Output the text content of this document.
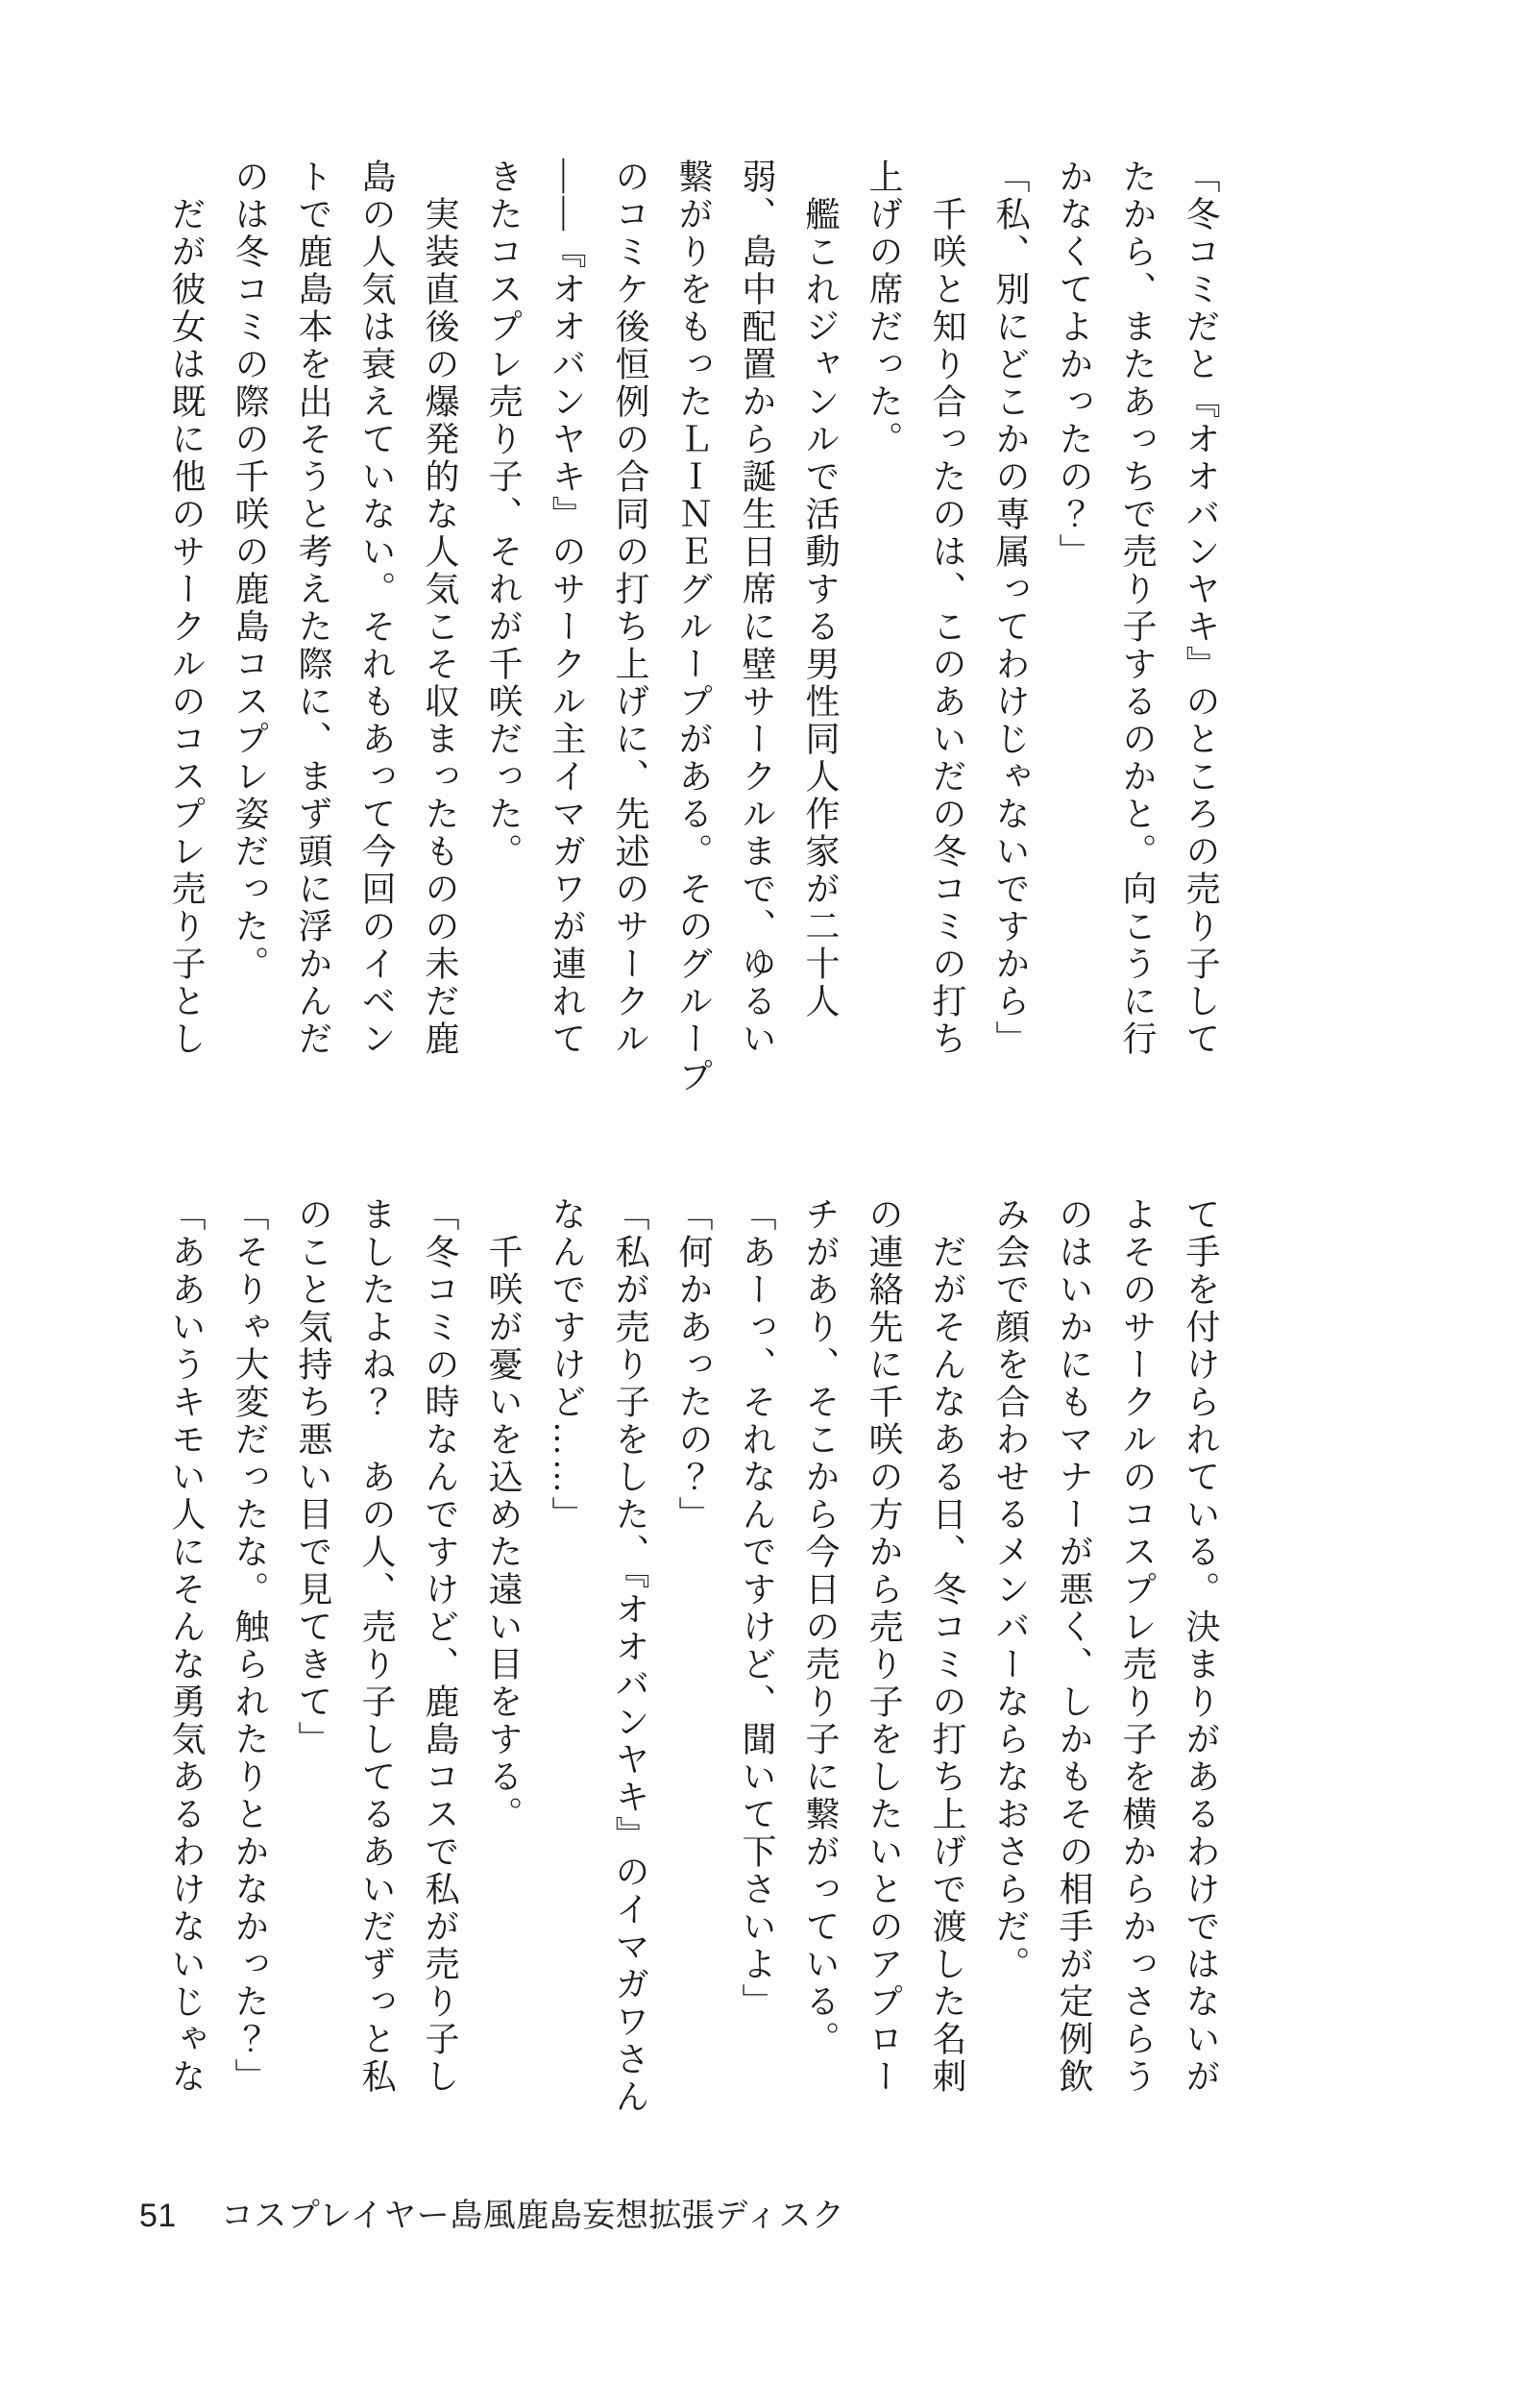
「冬コミだと『オオバンヤキ』のところの売り子して

たから、またあっちで売り子するのかと。向こうに行

かなくてよかったの？」

「私、別にどこかの専属ってわけじゃないですから」

　千咲と知り合ったのは、このあいだの冬コミの打ち

上げの席だった。

　艦これジャンルで活動する男性同人作家が二十人

弱、島中配置から誕生日席に壁サークルまで、ゆるい

繋がりをもったＬＩＮＥグループがある。そのグループ

のコミケ後恒例の合同の打ち上げに、先述のサークル

――『オオバンヤキ』のサークル主イマガワが連れて

きたコスプレ売り子、それが千咲だった。

　実装直後の爆発的な人気こそ収まったものの未だ鹿

島の人気は衰えていない。それもあって今回のイベン

トで鹿島本を出そうと考えた際に、まず頭に浮かんだ

のは冬コミの際の千咲の鹿島コスプレ姿だった。

　だが彼女は既に他のサークルのコスプレ売り子とし

て手を付けられている。決まりがあるわけではないが

よそのサークルのコスプレ売り子を横からかっさらう

のはいかにもマナーが悪く、しかもその相手が定例飲

み会で顔を合わせるメンバーならなおさらだ。

　だがそんなある日、冬コミの打ち上げで渡した名刺

の連絡先に千咲の方から売り子をしたいとのアプロー

チがあり、そこから今日の売り子に繋がっている。

「あーっ、それなんですけど、聞いて下さいよ」

「何かあったの？」

「私が売り子をした、『オオバンヤキ』のイマガワさん

なんですけど……」

　千咲が憂いを込めた遠い目をする。

「冬コミの時なんですけど、鹿島コスで私が売り子し

ましたよね？　あの人、売り子してるあいだずっと私

のこと気持ち悪い目で見てきて」

「そりゃ大変だったな。触られたりとかなかった？」

「ああいうキモい人にそんな勇気あるわけないじゃな

51 コスプレイヤー島風鹿島妄想拡張ディスク
